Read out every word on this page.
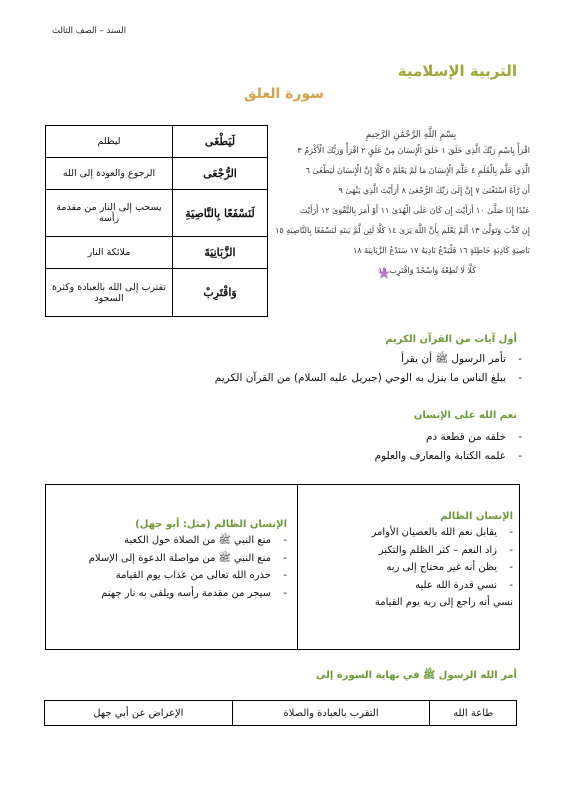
السند – الصف الثالث
التربية الإسلامية
سورة العلق
لَيَطْغَى	ليظلم
الرُّجْعَى	الرجوع والعودة إلى الله
لَنَسْفَعًا بِالنَّاصِيَةِ	يسحب إلى النار من مقدمة رأسه
الزَّبَانِيَةَ	ملائكة النار
وَاقْتَرِبْ	تقترب إلى الله بالعبادة وكثرة السجود
بِسْمِ اللَّهِ الرَّحْمَٰنِ الرَّحِيمِ
اقْرَأْ بِاسْمِ رَبِّكَ الَّذِي خَلَقَ ١ خَلَقَ الْإِنسَانَ مِنْ عَلَقٍ ٢ اقْرَأْ وَرَبُّكَ الْأَكْرَمُ ٣
الَّذِي عَلَّمَ بِالْقَلَمِ ٤ عَلَّمَ الْإِنسَانَ مَا لَمْ يَعْلَمْ ٥ كَلَّا إِنَّ الْإِنسَانَ لَيَطْغَىٰ ٦
أَن رَّآهُ اسْتَغْنَىٰ ٧ إِنَّ إِلَىٰ رَبِّكَ الرُّجْعَىٰ ٨ أَرَأَيْتَ الَّذِي يَنْهَىٰ ٩
عَبْدًا إِذَا صَلَّىٰ ١٠ أَرَأَيْتَ إِن كَانَ عَلَى الْهُدَىٰ ١١ أَوْ أَمَرَ بِالتَّقْوَىٰ ١٢ أَرَأَيْتَ
إِن كَذَّبَ وَتَوَلَّىٰ ١٣ أَلَمْ يَعْلَم بِأَنَّ اللَّهَ يَرَىٰ ١٤ كَلَّا لَئِن لَّمْ يَنتَهِ لَنَسْفَعًا بِالنَّاصِيَةِ ١٥
نَاصِيَةٍ كَاذِبَةٍ خَاطِئَةٍ ١٦ فَلْيَدْعُ نَادِيَهُ ١٧ سَنَدْعُ الزَّبَانِيَةَ ١٨
كَلَّا لَا تُطِعْهُ وَاسْجُدْ وَاقْتَرِب ١٩
أول آيات من القرآن الكريم
-تأمر الرسول ﷺ أن يقرأ
-يبلغ الناس ما ينزل به الوحي (جبريل عليه السلام) من القرآن الكريم
نعم الله على الإنسان
-خلقه من قطعة دم
-علمه الكتابة والمعارف والعلوم
الإنسان الظالم
-يقابل نعم الله بالعصيان الأوامر
-زاد النعم – كثر الظلم والتكبر
-يظن أنه غير محتاج إلى ربه
-نسي قدرة الله عليه
نسي أنه راجع إلى ربه يوم القيامة
الإنسان الظالم (مثل: أبو جهل)
-منع النبي ﷺ من الصلاة حول الكعبة
-منع النبي ﷺ من مواصلة الدعوة إلى الإسلام
-حذره الله تعالى من عذاب يوم القيامة
-سيجر من مقدمة رأسه ويلقى به نار جهنم
أمر الله الرسول ﷺ في نهاية السورة إلى
طاعة الله	التقرب بالعبادة والصلاة	الإعراض عن أبي جهل
